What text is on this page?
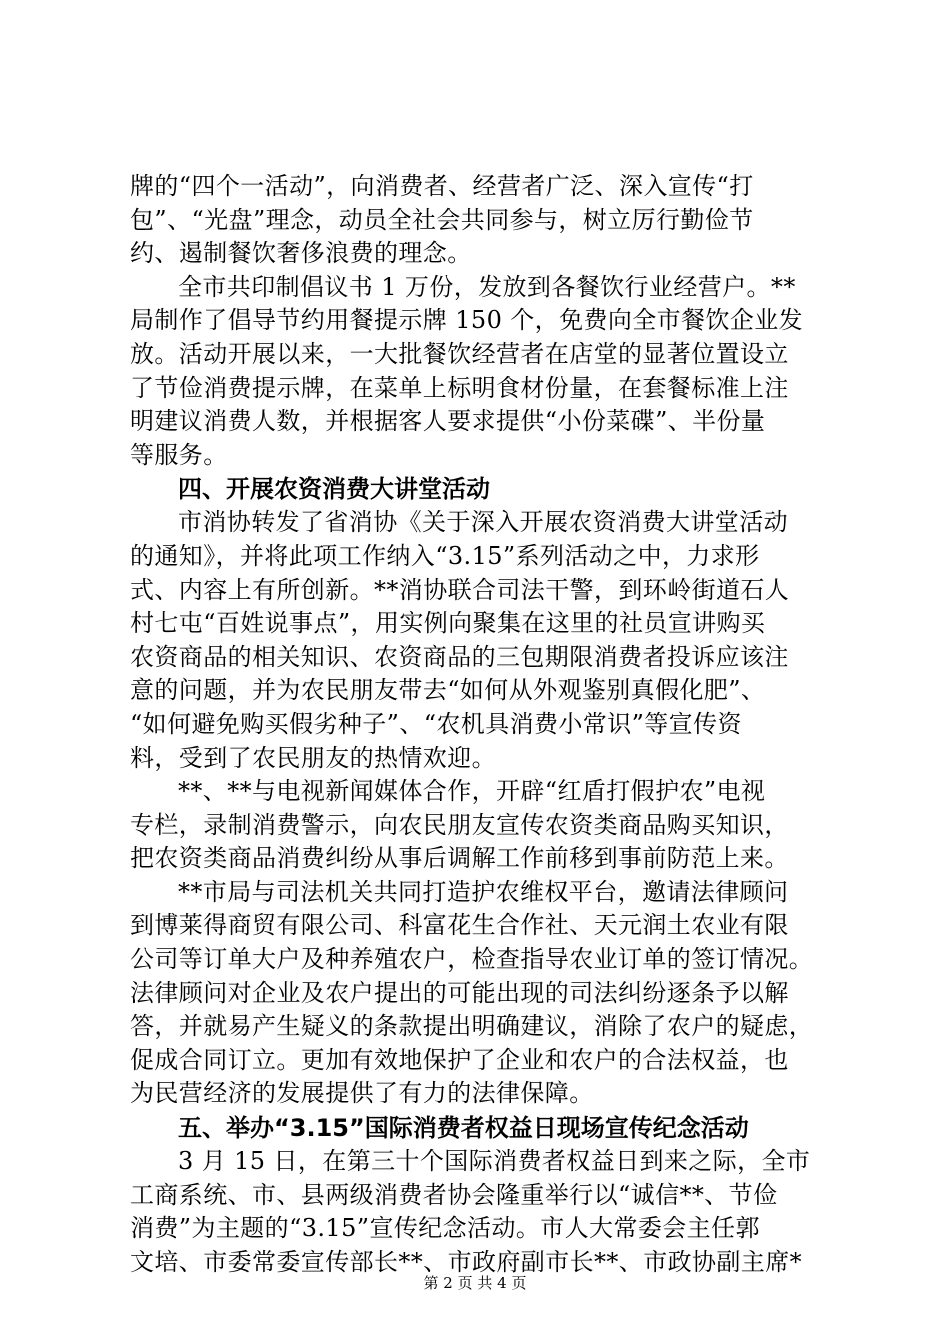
牌的“四个一活动”，向消费者、经营者广泛、深入宣传“打
包”、“光盘”理念，动员全社会共同参与，树立厉行勤俭节
约、遏制餐饮奢侈浪费的理念。
全市共印制倡议书 1 万份，发放到各餐饮行业经营户。**
局制作了倡导节约用餐提示牌 150 个，免费向全市餐饮企业发
放。活动开展以来，一大批餐饮经营者在店堂的显著位置设立
了节俭消费提示牌，在菜单上标明食材份量，在套餐标准上注
明建议消费人数，并根据客人要求提供“小份菜碟”、半份量
等服务。
四、开展农资消费大讲堂活动
市消协转发了省消协《关于深入开展农资消费大讲堂活动
的通知》，并将此项工作纳入“3.15”系列活动之中，力求形
式、内容上有所创新。**消协联合司法干警，到环岭街道石人
村七屯“百姓说事点”，用实例向聚集在这里的社员宣讲购买
农资商品的相关知识、农资商品的三包期限消费者投诉应该注
意的问题，并为农民朋友带去“如何从外观鉴别真假化肥”、
“如何避免购买假劣种子”、“农机具消费小常识”等宣传资
料，受到了农民朋友的热情欢迎。
**、**与电视新闻媒体合作，开辟“红盾打假护农”电视
专栏，录制消费警示，向农民朋友宣传农资类商品购买知识，
把农资类商品消费纠纷从事后调解工作前移到事前防范上来。
**市局与司法机关共同打造护农维权平台，邀请法律顾问
到博莱得商贸有限公司、科富花生合作社、天元润土农业有限
公司等订单大户及种养殖农户，检查指导农业订单的签订情况。
法律顾问对企业及农户提出的可能出现的司法纠纷逐条予以解
答，并就易产生疑义的条款提出明确建议，消除了农户的疑虑，
促成合同订立。更加有效地保护了企业和农户的合法权益，也
为民营经济的发展提供了有力的法律保障。
五、举办“3.15”国际消费者权益日现场宣传纪念活动
3 月 15 日，在第三十个国际消费者权益日到来之际，全市
工商系统、市、县两级消费者协会隆重举行以“诚信**、节俭
消费”为主题的“3.15”宣传纪念活动。市人大常委会主任郭
文培、市委常委宣传部长**、市政府副市长**、市政协副主席*
第 2 页 共 4 页
